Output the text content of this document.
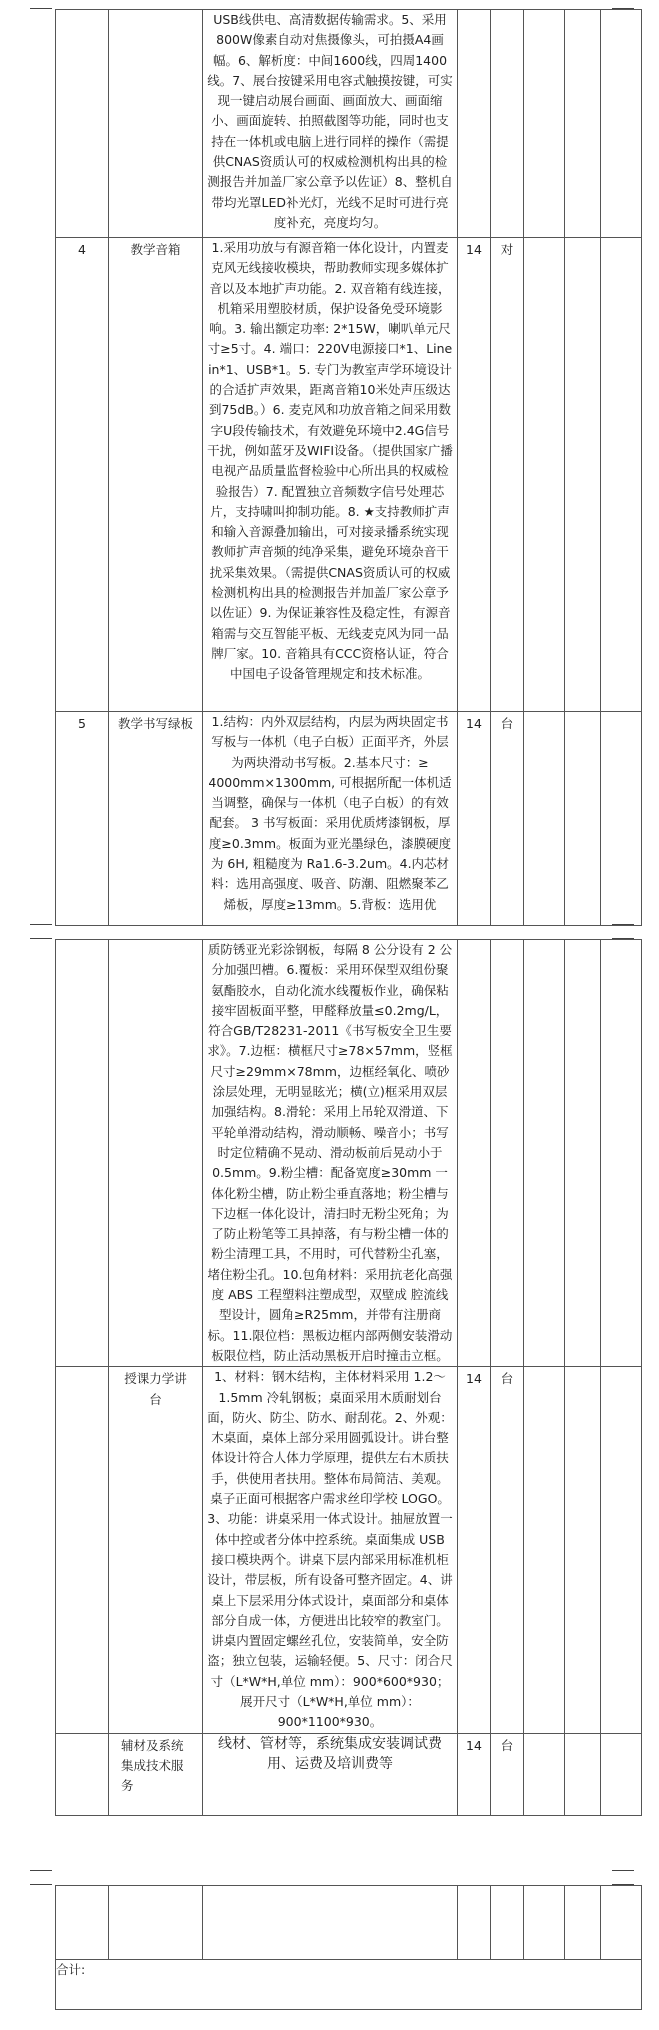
		USB线供电、高清数据传输需求。5、采用800W像素自动对焦摄像头，可拍摄A4画幅。6、解析度：中间1600线，四周1400线。7、展台按键采用电容式触摸按键，可实现一键启动展台画面、画面放大、画面缩小、画面旋转、拍照截图等功能，同时也支持在一体机或电脑上进行同样的操作（需提供CNAS资质认可的权威检测机构出具的检测报告并加盖厂家公章予以佐证）8、整机自带均光罩LED补光灯，光线不足时可进行亮度补充，亮度均匀。					
4	教学音箱	1.采用功放与有源音箱一体化设计，内置麦克风无线接收模块，帮助教师实现多媒体扩音以及本地扩声功能。2. 双音箱有线连接，机箱采用塑胶材质，保护设备免受环境影响。3. 输出额定功率: 2*15W，喇叭单元尺寸≥5寸。4. 端口：220V电源接口*1、Line in*1、USB*1。5. 专门为教室声学环境设计的合适扩声效果，距离音箱10米处声压级达到75dB。）6. 麦克风和功放音箱之间采用数字U段传输技术，有效避免环境中2.4G信号干扰，例如蓝牙及WIFI设备。（提供国家广播电视产品质量监督检验中心所出具的权威检验报告）7. 配置独立音频数字信号处理芯片，支持啸叫抑制功能。8. ★支持教师扩声和输入音源叠加输出，可对接录播系统实现教师扩声音频的纯净采集，避免环境杂音干扰采集效果。（需提供CNAS资质认可的权威检测机构出具的检测报告并加盖厂家公章予以佐证）9. 为保证兼容性及稳定性，有源音箱需与交互智能平板、无线麦克风为同一品牌厂家。10. 音箱具有CCC资格认证，符合中国电子设备管理规定和技术标准。	14	对			
5	教学书写绿板	1.结构：内外双层结构，内层为两块固定书写板与一体机（电子白板）正面平齐，外层为两块滑动书写板。2.基本尺寸：≥ 4000mm×1300mm, 可根据所配一体机适当调整，确保与一体机（电子白板）的有效配套。 3 书写板面：采用优质烤漆钢板，厚度≥0.3mm。板面为亚光墨绿色，漆膜硬度为 6H, 粗糙度为 Ra1.6-3.2um。4.内芯材料：选用高强度、吸音、防潮、阻燃聚苯乙烯板，厚度≥13mm。5.背板：选用优	14	台			
		质防锈亚光彩涂钢板，每隔 8 公分设有 2 公分加强凹槽。6.覆板：采用环保型双组份聚氨酯胶水，自动化流水线覆板作业，确保粘接牢固板面平整，甲醛释放量≤0.2mg/L，符合GB/T28231-2011《书写板安全卫生要求》。7.边框：横框尺寸≥78×57mm，竖框尺寸≥29mm×78mm，边框经氧化、喷砂涂层处理，无明显眩光；横(立)框采用双层加强结构。8.滑轮：采用上吊轮双滑道、下平轮单滑动结构，滑动顺畅、噪音小；书写时定位精确不晃动、滑动板前后晃动小于 0.5mm。9.粉尘槽：配备宽度≥30mm 一体化粉尘槽，防止粉尘垂直落地；粉尘槽与下边框一体化设计，清扫时无粉尘死角；为了防止粉笔等工具掉落，有与粉尘槽一体的粉尘清理工具，不用时，可代替粉尘孔塞，堵住粉尘孔。10.包角材料：采用抗老化高强度 ABS 工程塑料注塑成型，双壁成 腔流线型设计，圆角≥R25mm，并带有注册商标。11.限位档：黑板边框内部两侧安装滑动板限位档，防止活动黑板开启时撞击立框。					
	授课力学讲台	1、材料：钢木结构，主体材料采用 1.2～1.5mm 冷轧钢板；桌面采用木质耐划台面，防火、防尘、防水、耐刮花。2、外观：木桌面，桌体上部分采用圆弧设计。讲台整体设计符合人体力学原理，提供左右木质扶手，供使用者扶用。整体布局简洁、美观。桌子正面可根据客户需求丝印学校 LOGO。3、功能：讲桌采用一体式设计。抽屉放置一体中控或者分体中控系统。桌面集成 USB 接口模块两个。讲桌下层内部采用标准机柜设计，带层板，所有设备可整齐固定。4、讲桌上下层采用分体式设计，桌面部分和桌体部分自成一体，方便进出比较窄的教室门。讲桌内置固定螺丝孔位，安装简单，安全防盗；独立包装，运输轻便。5、尺寸：闭合尺寸（L*W*H,单位 mm）：900*600*930；展开尺寸（L*W*H,单位 mm）：900*1100*930。	14	台			
	辅材及系统集成技术服务	线材、管材等，系统集成安装调试费用、运费及培训费等	14	台			

合计:
